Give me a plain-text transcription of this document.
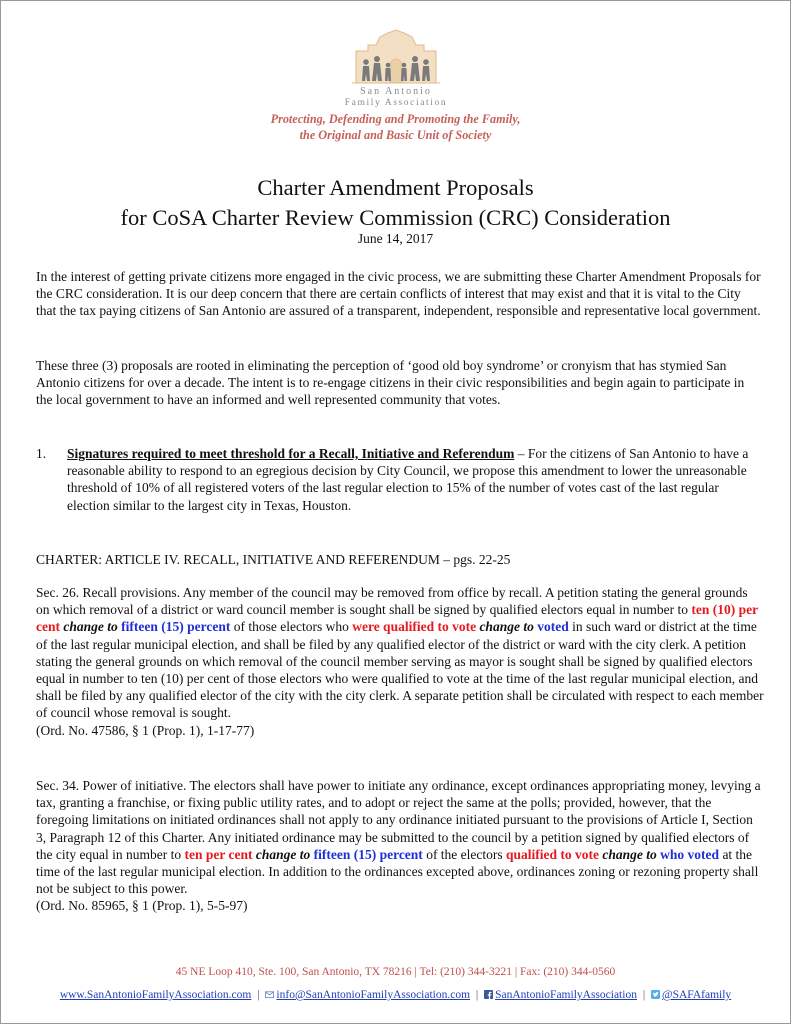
San Antonio
Family Association
Protecting, Defending and Promoting the Family,
the Original and Basic Unit of Society
Charter Amendment Proposals
for CoSA Charter Review Commission (CRC) Consideration
June 14, 2017
In the interest of getting private citizens more engaged in the civic process, we are submitting these Charter Amendment Proposals for the CRC consideration. It is our deep concern that there are certain conflicts of interest that may exist and that it is vital to the City that the tax paying citizens of San Antonio are assured of a transparent, independent, responsible and representative local government.
These three (3) proposals are rooted in eliminating the perception of ‘good old boy syndrome’ or cronyism that has stymied San Antonio citizens for over a decade. The intent is to re-engage citizens in their civic responsibilities and begin again to participate in the local government to have an informed and well represented community that votes.
1. Signatures required to meet threshold for a Recall, Initiative and Referendum – For the citizens of San Antonio to have a reasonable ability to respond to an egregious decision by City Council, we propose this amendment to lower the unreasonable threshold of 10% of all registered voters of the last regular election to 15% of the number of votes cast of the last regular election similar to the largest city in Texas, Houston.
CHARTER: ARTICLE IV. RECALL, INITIATIVE AND REFERENDUM – pgs. 22-25
Sec. 26. Recall provisions. Any member of the council may be removed from office by recall. A petition stating the general grounds on which removal of a district or ward council member is sought shall be signed by qualified electors equal in number to ten (10) per cent change to fifteen (15) percent of those electors who were qualified to vote change to voted in such ward or district at the time of the last regular municipal election, and shall be filed by any qualified elector of the district or ward with the city clerk. A petition stating the general grounds on which removal of the council member serving as mayor is sought shall be signed by qualified electors equal in number to ten (10) per cent of those electors who were qualified to vote at the time of the last regular municipal election, and shall be filed by any qualified elector of the city with the city clerk. A separate petition shall be circulated with respect to each member of council whose removal is sought.
(Ord. No. 47586, § 1 (Prop. 1), 1-17-77)
Sec. 34. Power of initiative. The electors shall have power to initiate any ordinance, except ordinances appropriating money, levying a tax, granting a franchise, or fixing public utility rates, and to adopt or reject the same at the polls; provided, however, that the foregoing limitations on initiated ordinances shall not apply to any ordinance initiated pursuant to the provisions of Article I, Section 3, Paragraph 12 of this Charter. Any initiated ordinance may be submitted to the council by a petition signed by qualified electors of the city equal in number to ten per cent change to fifteen (15) percent of the electors qualified to vote change to who voted at the time of the last regular municipal election. In addition to the ordinances excepted above, ordinances zoning or rezoning property shall not be subject to this power.
(Ord. No. 85965, § 1 (Prop. 1), 5-5-97)
45 NE Loop 410, Ste. 100, San Antonio, TX 78216 | Tel: (210) 344-3221 | Fax: (210) 344-0560
www.SanAntonioFamilyAssociation.com | info@SanAntonioFamilyAssociation.com | SanAntonioFamilyAssociation | @SAFAfamily
